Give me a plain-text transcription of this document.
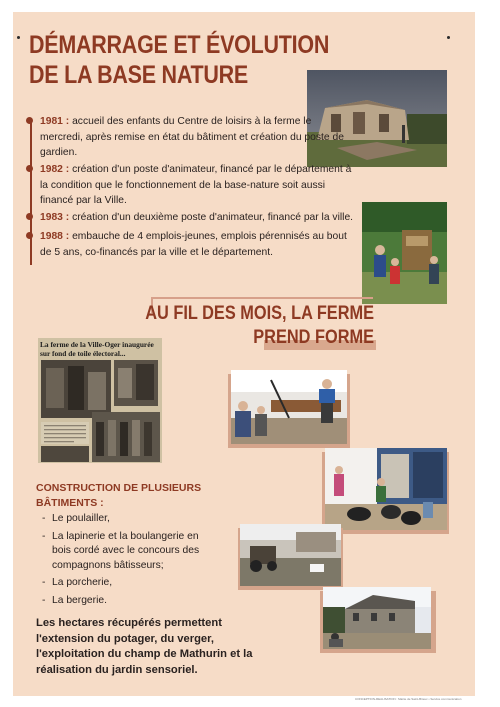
DÉMARRAGE ET ÉVOLUTION
DE LA BASE NATURE
1981 : accueil des enfants du Centre de loisirs à la ferme le mercredi, après remise en état du bâtiment et création du poste de gardien.
1982 : création d'un poste d'animateur, financé par le département à la condition que le fonctionnement de la base-nature soit aussi financé par la Ville.
1983 : création d'un deuxième poste d'animateur, financé par la ville.
1988 : embauche de 4 emplois-jeunes, emplois pérennisés au bout de 5 ans, co-financés par la ville et le département.
AU FIL DES MOIS, LA FERME
PREND FORME
La ferme de la Ville-Oger inaugurée sur fond de toile électoral...
CONSTRUCTION DE PLUSIEURS
BÂTIMENTS :
- Le poulailler,
- La lapinerie et la boulangerie en bois cordé avec le concours des compagnons bâtisseurs;
- La porcherie,
- La bergerie.
Les hectares récupérés permettent l'extension du potager, du verger, l'exploitation du champ de Mathurin et la réalisation du jardin sensoriel.
CONCEPTION-REALISATION : Mairie de Saint-Brieuc • Service communication
